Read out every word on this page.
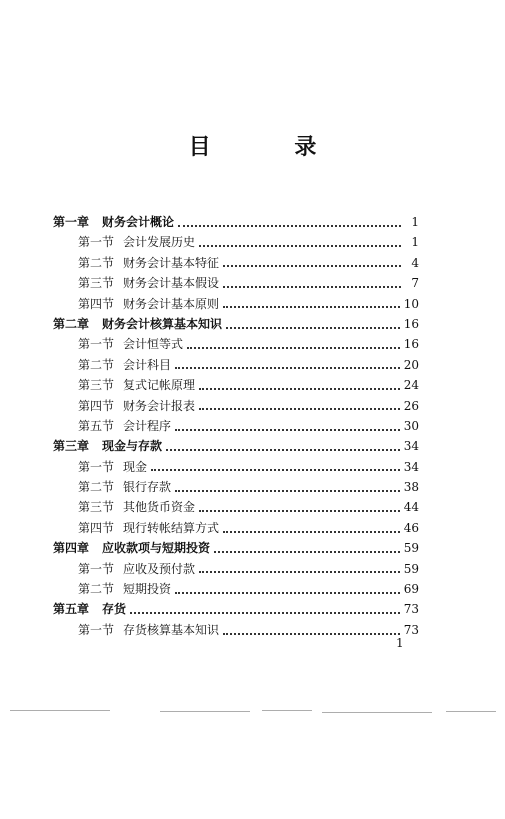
目 录
第一章 财务会计概论	1
第一节 会计发展历史	1
第二节 财务会计基本特征	4
第三节 财务会计基本假设	7
第四节 财务会计基本原则	10
第二章 财务会计核算基本知识	16
第一节 会计恒等式	16
第二节 会计科目	20
第三节 复式记帐原理	24
第四节 财务会计报表	26
第五节 会计程序	30
第三章 现金与存款	34
第一节 现金	34
第二节 银行存款	38
第三节 其他货币资金	44
第四节 现行转帐结算方式	46
第四章 应收款项与短期投资	59
第一节 应收及预付款	59
第二节 短期投资	69
第五章 存货	73
第一节 存货核算基本知识	73
1
